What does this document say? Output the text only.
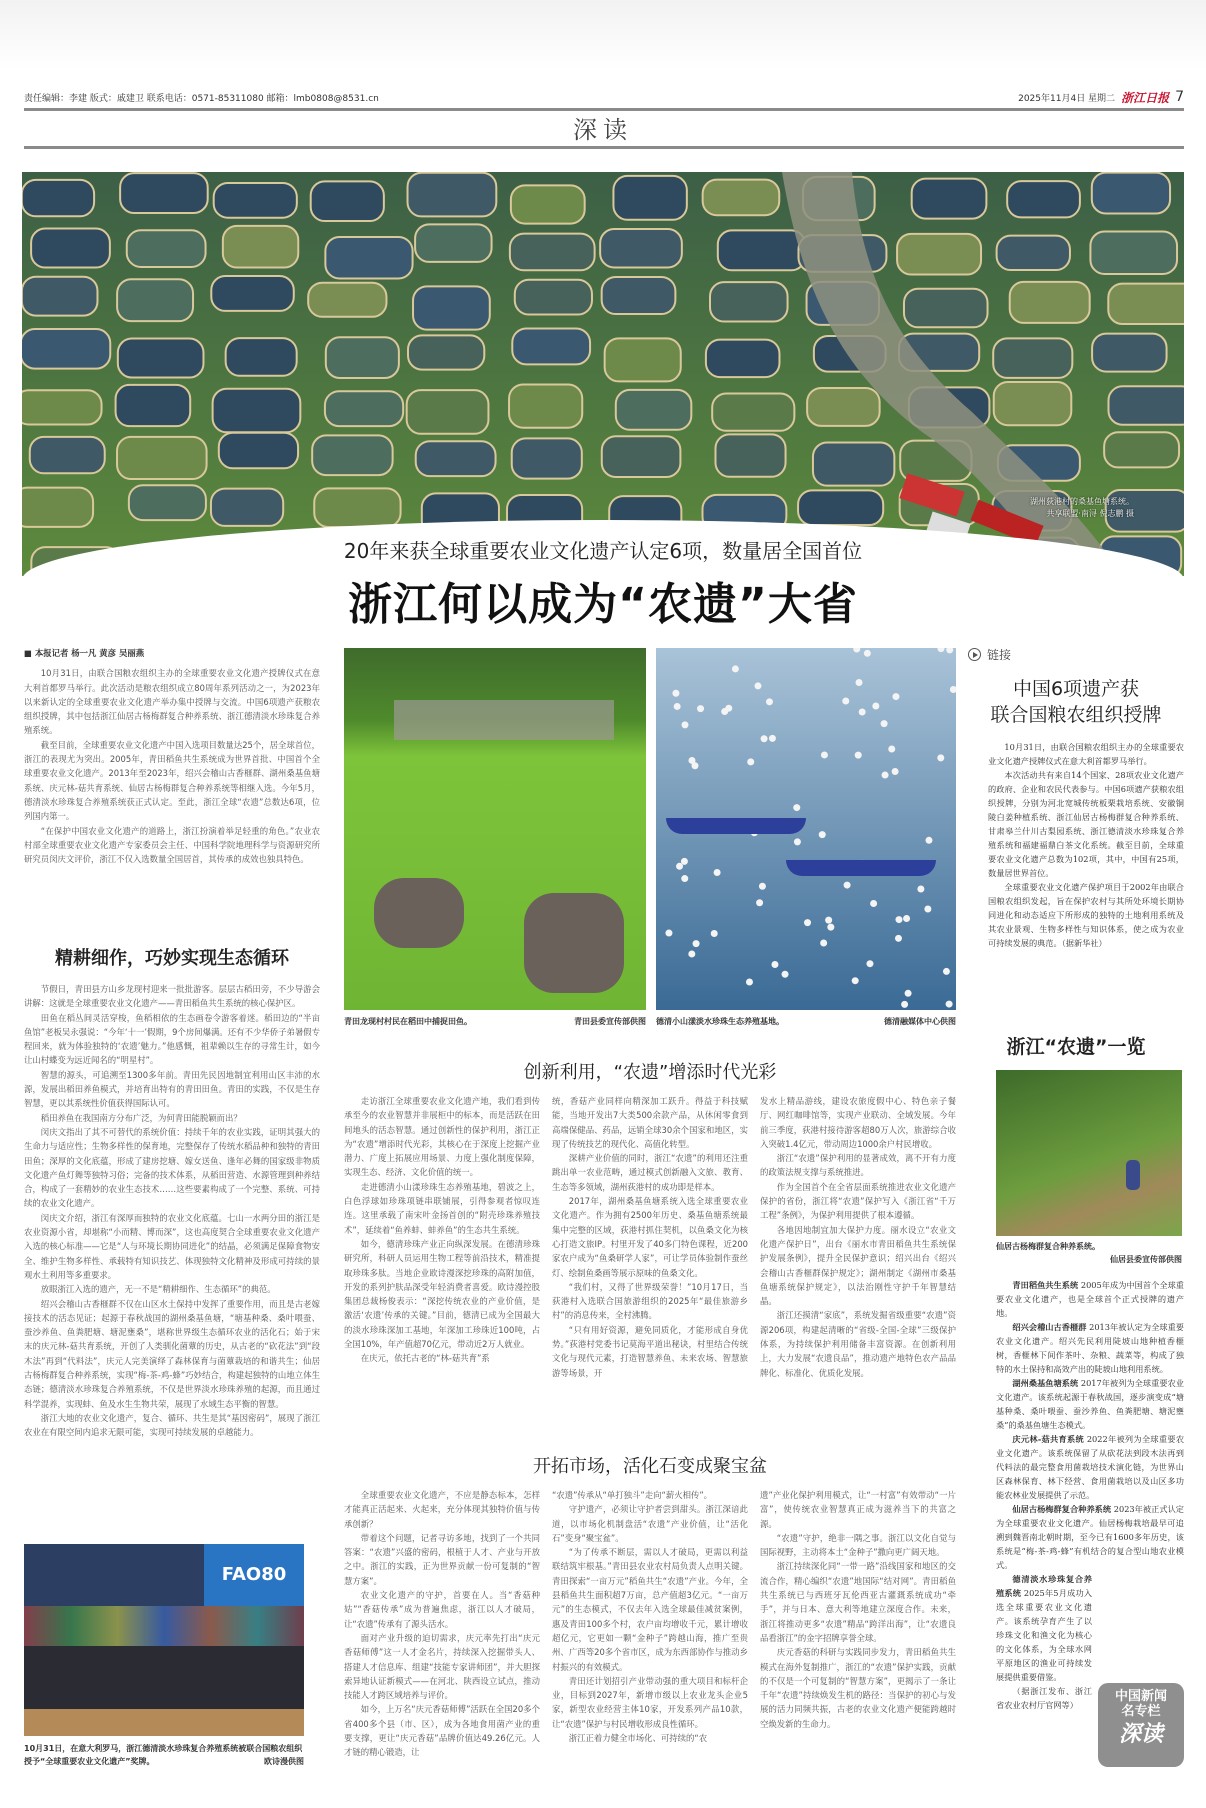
责任编辑：李建 版式：戚建卫 联系电话：0571-85311080 邮箱：lmb0808@8531.cn	2025年11月4日 星期二 浙江日报 7
深读
湖州荻港村的桑基鱼塘系统。
共享联盟·南浔 倪志鹏 摄
20年来获全球重要农业文化遗产认定6项，数量居全国首位
浙江何以成为“农遗”大省

■ 本报记者 杨一凡 黄彦 吴丽燕

10月31日，由联合国粮农组织主办的全球重要农业文化遗产授牌仪式在意大利首都罗马举行。此次活动是粮农组织成立80周年系列活动之一，为2023年以来新认定的全球重要农业文化遗产举办集中授牌与交流。中国6项遗产获粮农组织授牌，其中包括浙江仙居古杨梅群复合种养系统、浙江德清淡水珍珠复合养殖系统。

截至目前，全球重要农业文化遗产中国入选项目数量达25个，居全球首位，浙江的表现尤为突出。2005年，青田稻鱼共生系统成为世界首批、中国首个全球重要农业文化遗产。2013年至2023年，绍兴会稽山古香榧群、湖州桑基鱼塘系统、庆元林-菇共育系统、仙居古杨梅群复合种养系统等相继入选。今年5月，德清淡水珍珠复合养殖系统获正式认定。至此，浙江全球“农遗”总数达6项，位列国内第一。

“在保护中国农业文化遗产的道路上，浙江扮演着举足轻重的角色。”农业农村部全球重要农业文化遗产专家委员会主任、中国科学院地理科学与资源研究所研究员闵庆文评价，浙江不仅入选数量全国居首，其传承的成效也独具特色。

精耕细作，巧妙实现生态循环

节假日，青田县方山乡龙现村迎来一批批游客。层层古稻田旁，不少导游会讲解：这就是全球重要农业文化遗产——青田稻鱼共生系统的核心保护区。

田鱼在稻丛间灵活穿梭，鱼稻相依的生态画卷令游客着迷。稻田边的“半亩鱼馆”老板吴永强说：“今年‘十一’假期，9个房间爆满。还有不少华侨子弟暑假专程回来，就为体验独特的‘农遗’魅力。”他感慨，祖辈赖以生存的寻常生计，如今让山村蝶变为远近闻名的“明星村”。

智慧的源头，可追溯至1300多年前。青田先民因地制宜利用山区丰沛的水源，发展出稻田养鱼模式，并培育出特有的青田田鱼。青田的实践，不仅是生存智慧，更以其系统性价值获得国际认可。

稻田养鱼在我国南方分布广泛，为何青田能脱颖而出？

闵庆文指出了其不可替代的系统价值：持续千年的农业实践，证明其强大的生命力与适应性；生物多样性的保育地，完整保存了传统水稻品种和独特的青田田鱼；深厚的文化底蕴，形成了建房挖塘、嫁女送鱼、逢年必舞的国家级非物质文化遗产鱼灯舞等独特习俗；完备的技术体系，从稻田营造、水源管理到种养结合，构成了一套精妙的农业生态技术……这些要素构成了一个完整、系统、可持续的农业文化遗产。

闵庆文介绍，浙江有深厚而独特的农业文化底蕴。七山一水两分田的浙江是农业资源小省，却堪称“小而精、博而深”，这也高度契合全球重要农业文化遗产入选的核心标准——它是“人与环境长期协同进化”的结晶，必须满足保障食物安全、维护生物多样性、承载特有知识技艺、体现独特文化精神及形成可持续的景观水土利用等多重要求。

放眼浙江入选的遗产，无一不是“精耕细作、生态循环”的典范。

绍兴会稽山古香榧群不仅在山区水土保持中发挥了重要作用，而且是古老嫁接技术的活态见证；起源于春秋战国的湖州桑基鱼塘，“塘基种桑、桑叶喂蚕、蚕沙养鱼、鱼粪肥塘、塘泥壅桑”，堪称世界级生态循环农业的活化石；始于宋末的庆元林-菇共育系统，开创了人类驯化菌蕈的历史，从古老的“砍花法”到“段木法”再到“代料法”，庆元人完美演绎了森林保育与菌蕈栽培的和谐共生；仙居古杨梅群复合种养系统，实现“梅-茶-鸡-蜂”巧妙结合，构建起独特的山地立体生态链；德清淡水珍珠复合养殖系统，不仅是世界淡水珍珠养殖的起源，而且通过科学混养，实现蚌、鱼及水生生物共荣，展现了水域生态平衡的智慧。

浙江大地的农业文化遗产，复合、循环、共生是其“基因密码”，展现了浙江农业在有限空间内追求无限可能，实现可持续发展的卓越能力。

FAO80
10月31日，在意大利罗马，浙江德清淡水珍珠复合养殖系统被联合国粮农组织授予“全球重要农业文化遗产”奖牌。	欧诗漫供图
青田龙现村村民在稻田中捕捉田鱼。	青田县委宣传部供图 德清小山漾淡水珍珠生态养殖基地。	德清融媒体中心供图
创新利用，“农遗”增添时代光彩

走访浙江全球重要农业文化遗产地，我们看到传承至今的农业智慧并非展柜中的标本，而是活跃在田间地头的活态智慧。通过创新性的保护利用，浙江正为“农遗”增添时代光彩，其核心在于深度上挖掘产业潜力、广度上拓展应用场景、力度上强化制度保障，实现生态、经济、文化价值的统一。

走进德清小山漾珍珠生态养殖基地，碧波之上，白色浮球如珍珠项链串联铺展，引得参观者惊叹连连。这里承载了南宋叶金扬首创的“附壳珍珠养殖技术”，延续着“鱼养蚌、蚌养鱼”的生态共生系统。

如今，德清珍珠产业正向纵深发展。在德清珍珠研究所，科研人员运用生物工程等前沿技术，精准提取珍珠多肽。当地企业欧诗漫深挖珍珠的高附加值，开发的系列护肤品深受年轻消费者喜爱。欧诗漫控股集团总裁杨俊表示：“深挖传统农业的产业价值，是激活‘农遗’传承的关键。”目前，德清已成为全国最大的淡水珍珠深加工基地，年深加工珍珠近100吨，占全国10%，年产值超70亿元，带动近2万人就业。

在庆元，依托古老的“林-菇共育”系

统，香菇产业同样向精深加工跃升。得益于科技赋能，当地开发出7大类500余款产品，从休闲零食到高端保健品、药品，远销全球30余个国家和地区，实现了传统技艺的现代化、高值化转型。

深耕产业价值的同时，浙江“农遗”的利用还注重跳出单一农业范畴，通过模式创新融入文旅、教育、生态等多领域，湖州荻港村的成功即是样本。

2017年，湖州桑基鱼塘系统入选全球重要农业文化遗产。作为拥有2500年历史、桑基鱼塘系统最集中完整的区域，荻港村抓住契机，以鱼桑文化为核心打造文旅IP。村里开发了40多门特色课程，近200家农户成为“鱼桑研学人家”，可让学员体验制作蚕丝灯、绘制鱼桑画等展示原味的鱼桑文化。

“我们村，又得了世界级荣誉！”10月17日，当荻港村入选联合国旅游组织的2025年“最佳旅游乡村”的消息传来，全村沸腾。

“只有用好资源，避免同质化，才能形成自身优势。”荻港村党委书记莫海平道出秘诀，村里结合传统文化与现代元素，打造智慧养鱼、未来农场、智慧旅游等场景，开

发水上精品游线，建设农旅度假中心、特色亲子餐厅、网红咖啡馆等，实现产业联动、全域发展。今年前三季度，荻港村接待游客超80万人次，旅游综合收入突破1.4亿元，带动周边1000余户村民增收。

浙江“农遗”保护利用的显著成效，离不开有力度的政策法规支撑与系统推进。

作为全国首个在全省层面系统推进农业文化遗产保护的省份，浙江将“农遗”保护写入《浙江省“千万工程”条例》，为保护利用提供了根本遵循。

各地因地制宜加大保护力度。丽水设立“农业文化遗产保护日”，出台《丽水市青田稻鱼共生系统保护发展条例》，提升全民保护意识；绍兴出台《绍兴会稽山古香榧群保护规定》；湖州制定《湖州市桑基鱼塘系统保护规定》，以法治刚性守护千年智慧结晶。

浙江还摸清“家底”，系统发掘省级重要“农遗”资源206项，构建起清晰的“省级-全国-全球”三级保护体系，为持续保护利用储备丰富资源。在创新利用上，大力发展“农遗良品”，推动遗产地特色农产品品牌化、标准化、优质化发展。

开拓市场，活化石变成聚宝盆

全球重要农业文化遗产，不应是静态标本，怎样才能真正活起来、火起来，充分体现其独特价值与传承创新？

带着这个问题，记者寻访多地，找到了一个共同答案：“农遗”兴盛的密码，根植于人才、产业与开放之中。浙江的实践，正为世界贡献一份可复制的“智慧方案”。

农业文化遗产的守护，首要在人。当“香菇种姑”“香菇传承”成为普遍焦虑，浙江以人才破局，让“农遗”传承有了源头活水。

面对产业升级的迫切需求，庆元率先打出“庆元香菇师傅”这一人才金名片，持续深入挖掘带头人、搭建人才信息库、组建“技能专家讲师团”，并大胆探索异地认证新模式——在河北、陕西设立试点，推动技能人才跨区域培养与评价。

如今，上万名“庆元香菇师傅”活跃在全国20多个省400多个县（市、区），成为各地食用菌产业的重要支撑，更让“庆元香菇”品牌价值达49.26亿元。人才链的精心锻造，让

“农遗”传承从“单打独斗”走向“薪火相传”。

守护遗产，必须让守护者尝到甜头。浙江深谙此道，以市场化机制盘活“农遗”产业价值，让“活化石”变身“聚宝盆”。

“为了传承不断层，需以人才破局，更需以利益联结筑牢根基。”青田县农业农村局负责人点明关键。青田探索“一亩万元”稻鱼共生“农遗”产业。今年，全县稻鱼共生面积超7万亩，总产值超3亿元。“一亩万元”的生态模式，不仅去年入选全球最佳减贫案例，惠及青田100多个村，农户亩均增收千元，累计增收超亿元，它更如一颗“金种子”跨越山海，推广至贵州、广西等20多个省市区，成为东西部协作与推动乡村振兴的有效模式。

青田还计划招引产业带动强的重大项目和标杆企业，目标到2027年，新增市级以上农业龙头企业5家，新型农业经营主体10家，开发系列产品10款，让“农遗”保护与村民增收形成良性循环。

浙江正着力健全市场化、可持续的“农

遗”产业化保护利用模式，让“一村富”有效带动“一片富”，使传统农业智慧真正成为滋养当下的共富之源。

“农遗”守护，绝非一隅之事。浙江以文化自觉与国际视野，主动将本土“金种子”撒向更广阔天地。

浙江持续深化同“一带一路”沿线国家和地区的交流合作，精心编织“农遗”地国际“结对网”。青田稻鱼共生系统已与西班牙瓦伦西亚古灌溉系统成功“牵手”，并与日本、意大利等地建立深度合作。未来，浙江将推动更多“农遗”精品“跨洋出海”，让“农遗良品看浙江”的金字招牌享誉全球。

庆元香菇的科研与实践同步发力，青田稻鱼共生模式在海外复制推广，浙江的“农遗”保护实践，贡献的不仅是一个可复制的“智慧方案”，更揭示了一条让千年“农遗”持续焕发生机的路径：当保护的初心与发展的活力同频共振，古老的农业文化遗产便能跨越时空焕发新的生命力。

链接
中国6项遗产获
联合国粮农组织授牌

10月31日，由联合国粮农组织主办的全球重要农业文化遗产授牌仪式在意大利首都罗马举行。

本次活动共有来自14个国家、28项农业文化遗产的政府、企业和农民代表参与。中国6项遗产获粮农组织授牌，分别为河北宽城传统板栗栽培系统、安徽铜陵白姜种植系统、浙江仙居古杨梅群复合种养系统、甘肃皋兰什川古梨园系统、浙江德清淡水珍珠复合养殖系统和福建福鼎白茶文化系统。截至目前，全球重要农业文化遗产总数为102项，其中，中国有25项，数量居世界首位。

全球重要农业文化遗产保护项目于2002年由联合国粮农组织发起，旨在保护农村与其所处环境长期协同进化和动态适应下所形成的独特的土地利用系统及其农业景观、生物多样性与知识体系，使之成为农业可持续发展的典范。（据新华社）

浙江“农遗”一览
仙居古杨梅群复合种养系统。
仙居县委宣传部供图

青田稻鱼共生系统 2005年成为中国首个全球重要农业文化遗产，也是全球首个正式授牌的遗产地。

绍兴会稽山古香榧群 2013年被认定为全球重要农业文化遗产。绍兴先民利用陡坡山地种植香榧树，香榧林下间作茶叶、杂粮、蔬菜等，构成了独特的水土保持和高效产出的陡坡山地利用系统。

湖州桑基鱼塘系统 2017年被列为全球重要农业文化遗产。该系统起源于春秋战国，逐步演变成“塘基种桑、桑叶喂蚕、蚕沙养鱼、鱼粪肥塘、塘泥壅桑”的桑基鱼塘生态模式。

庆元林-菇共育系统 2022年被列为全球重要农业文化遗产。该系统保留了从砍花法到段木法再到代料法的最完整食用菌栽培技术演化链，为世界山区森林保育、林下经营、食用菌栽培以及山区多功能农林业发展提供了示范。

仙居古杨梅群复合种养系统 2023年被正式认定为全球重要农业文化遗产。仙居杨梅栽培最早可追溯到魏晋南北朝时期，至今已有1600多年历史，该系统是“梅-茶-鸡-蜂”有机结合的复合型山地农业模式。

德清淡水珍珠复合养殖系统 2025年5月成功入选全球重要农业文化遗产。该系统孕育产生了以珍珠文化和渔文化为核心的文化体系，为全球水网平原地区的渔业可持续发展提供重要借鉴。

（据浙江发布、浙江省农业农村厅官网等）

中国新闻
名专栏
深读
